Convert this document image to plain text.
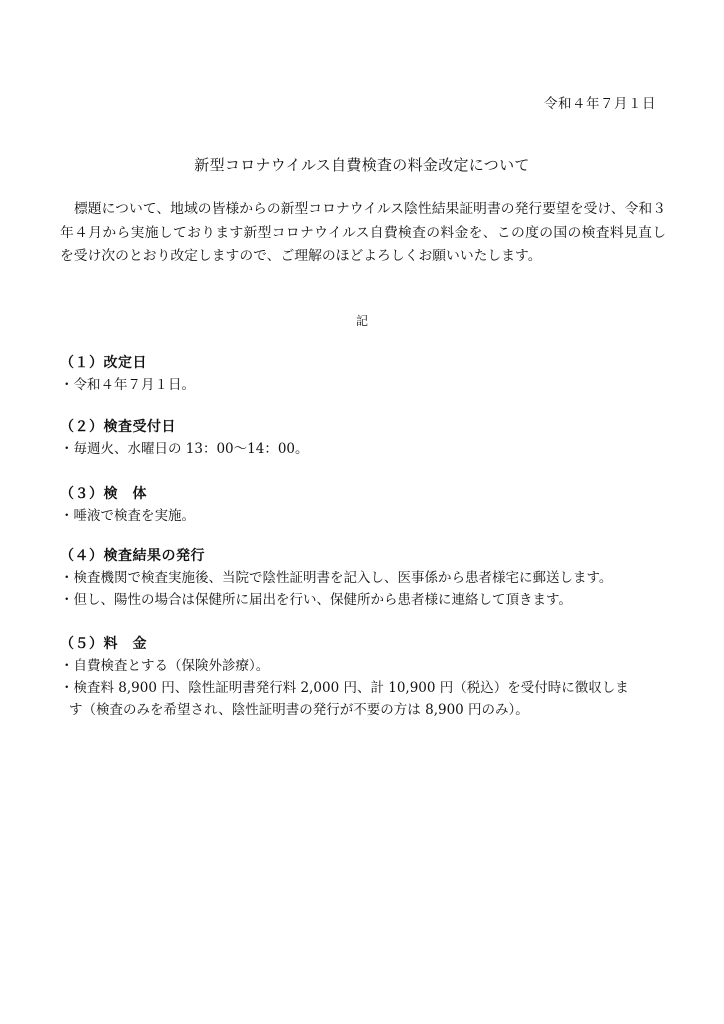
令和４年７月１日
新型コロナウイルス自費検査の料金改定について
標題について、地域の皆様からの新型コロナウイルス陰性結果証明書の発行要望を受け、令和３年４月から実施しております新型コロナウイルス自費検査の料金を、この度の国の検査料見直しを受け次のとおり改定しますので、ご理解のほどよろしくお願いいたします。
記
（１）改定日
・令和４年７月１日。
（２）検査受付日
・毎週火、水曜日の 13：00～14：00。
（３）検　体
・唾液で検査を実施。
（４）検査結果の発行
・検査機関で検査実施後、当院で陰性証明書を記入し、医事係から患者様宅に郵送します。
・但し、陽性の場合は保健所に届出を行い、保健所から患者様に連絡して頂きます。
（５）料　金
・自費検査とする（保険外診療）。
・検査料 8,900 円、陰性証明書発行料 2,000 円、計 10,900 円（税込）を受付時に徴収しま
す（検査のみを希望され、陰性証明書の発行が不要の方は 8,900 円のみ）。
